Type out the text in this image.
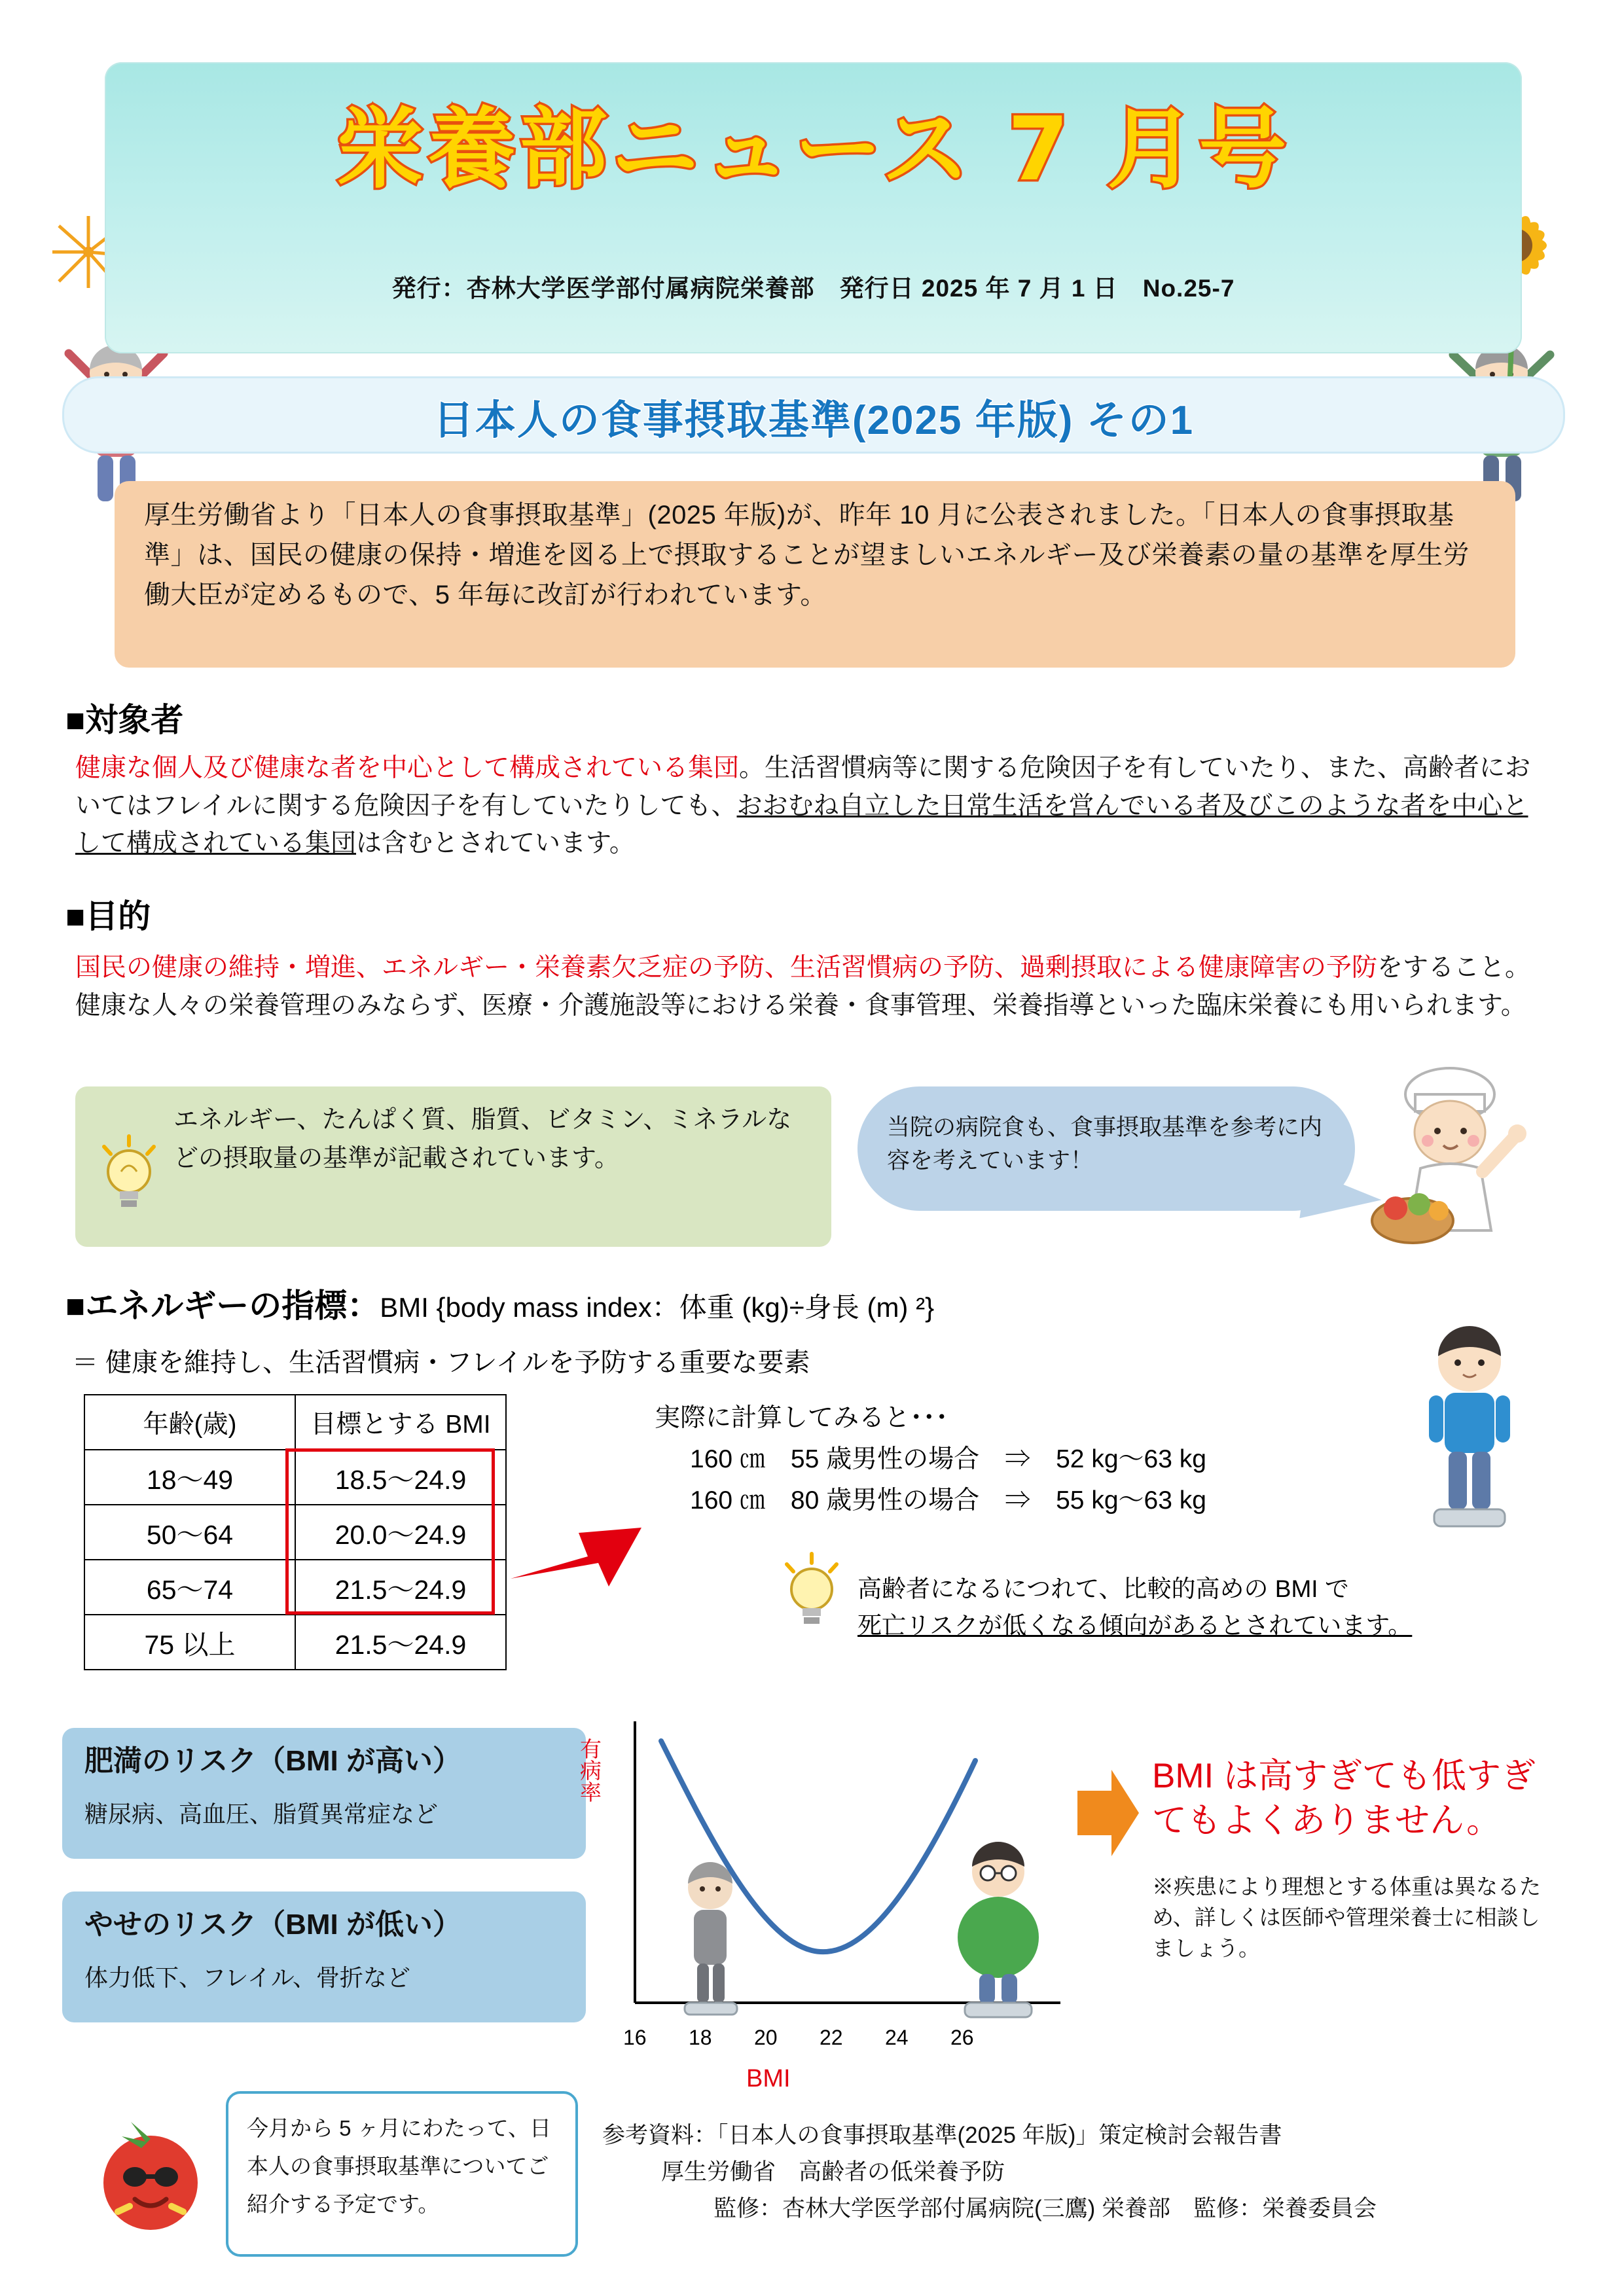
栄養部ニュース 7 月号
発行：杏林大学医学部付属病院栄養部　発行日 2025 年 7 月 1 日　No.25-7
日本人の食事摂取基準(2025 年版) その1
厚生労働省より「日本人の食事摂取基準」(2025 年版)が、昨年 10 月に公表されました。「日本人の食事摂取基準」は、国民の健康の保持・増進を図る上で摂取することが望ましいエネルギー及び栄養素の量の基準を厚生労働大臣が定めるもので、5 年毎に改訂が行われています。
■対象者
健康な個人及び健康な者を中心として構成されている集団。生活習慣病等に関する危険因子を有していたり、また、高齢者においてはフレイルに関する危険因子を有していたりしても、おおむね自立した日常生活を営んでいる者及びこのような者を中心として構成されている集団は含むとされています。
■目的
国民の健康の維持・増進、エネルギー・栄養素欠乏症の予防、生活習慣病の予防、過剰摂取による健康障害の予防をすること。健康な人々の栄養管理のみならず、医療・介護施設等における栄養・食事管理、栄養指導といった臨床栄養にも用いられます。
エネルギー、たんぱく質、脂質、ビタミン、ミネラルなどの摂取量の基準が記載されています。
当院の病院食も、食事摂取基準を参考に内容を考えています！
■エネルギーの指標：BMI {body mass index：体重 (kg)÷身長 (m) ²}
＝ 健康を維持し、生活習慣病・フレイルを予防する重要な要素
年齢(歳)	目標とする BMI
18〜49	18.5〜24.9
50〜64	20.0〜24.9
65〜74	21.5〜24.9
75 以上	21.5〜24.9
実際に計算してみると･･･
160 ㎝　55 歳男性の場合　⇒　52 kg〜63 kg
160 ㎝　80 歳男性の場合　⇒　55 kg〜63 kg
高齢者になるにつれて、比較的高めの BMI で
死亡リスクが低くなる傾向があるとされています。
肥満のリスク（BMI が高い）
糖尿病、高血圧、脂質異常症など
やせのリスク（BMI が低い）
体力低下、フレイル、骨折など
有病率
16 18 20 22 24 26
BMI
BMI は高すぎても低すぎてもよくありません。
※疾患により理想とする体重は異なるため、詳しくは医師や管理栄養士に相談しましょう。
今月から 5 ヶ月にわたって、日本人の食事摂取基準についてご紹介する予定です。
参考資料：「日本人の食事摂取基準(2025 年版)」策定検討会報告書
厚生労働省　高齢者の低栄養予防
監修：杏林大学医学部付属病院(三鷹) 栄養部　監修：栄養委員会
